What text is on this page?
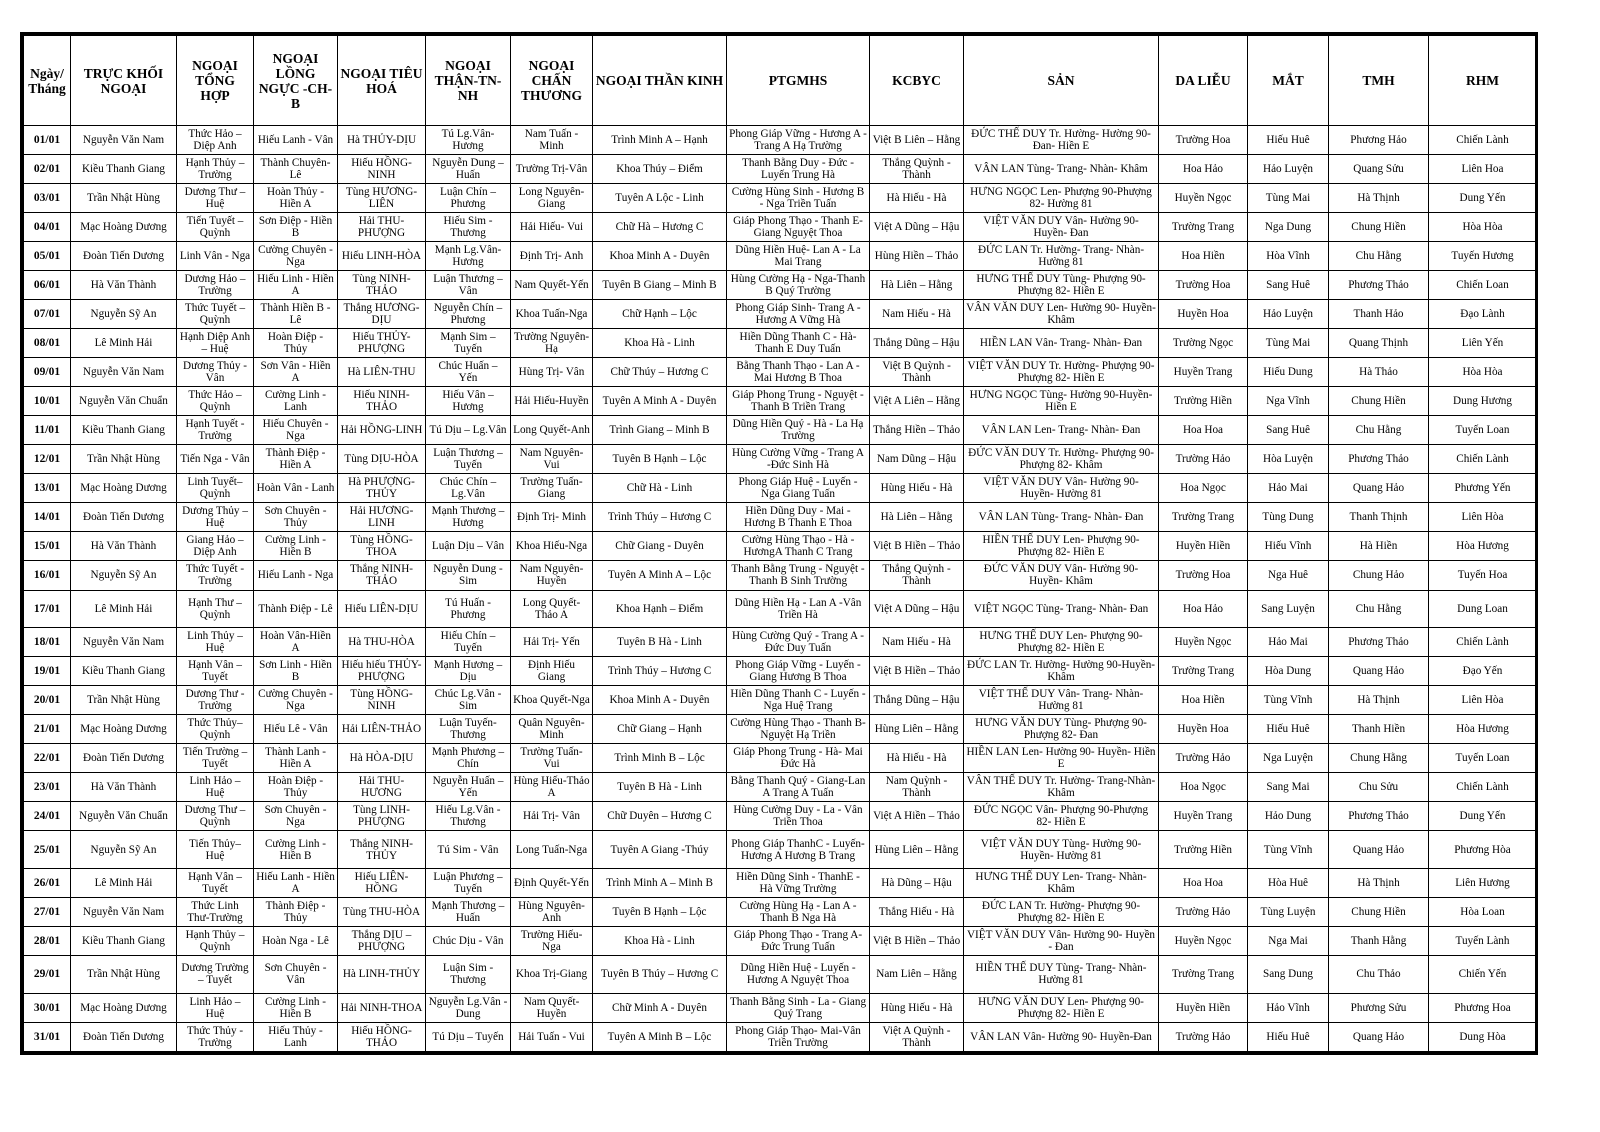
Ngày/ Tháng	TRỰC KHỐI NGOẠI	NGOẠI TỔNG HỢP	NGOẠI LỒNG NGỰC -CH-B	NGOẠI TIÊU HOÁ	NGOẠI THẬN-TN-NH	NGOẠI CHẤN THƯƠNG	NGOẠI THẦN KINH	PTGMHS	KCBYC	SẢN	DA LIỄU	MẮT	TMH	RHM
01/01	Nguyễn Văn Nam	Thức Hảo – Diệp Anh	Hiếu Lanh - Vân	Hà THỦY-DỊU	Tú Lg.Vân-Hương	Nam Tuấn - Minh	Trình Minh A – Hạnh	Phong Giáp Vững - Hương A - Trang A Hạ Trường	Việt B Liên – Hằng	ĐỨC THẾ DUY Tr. Hường- Hường 90- Đan- Hiền E	Trường Hoa	Hiếu Huê	Phương Hảo	Chiến Lành
02/01	Kiều Thanh Giang	Hạnh Thủy – Trường	Thành Chuyên-Lê	Hiếu HỒNG-NINH	Nguyễn Dung – Huấn	Trường Trị-Vân	Khoa Thúy – Điểm	Thanh Bằng Duy - Đức - Luyến Trung Hà	Thắng Quỳnh - Thành	VÂN LAN Tùng- Trang- Nhàn- Khâm	Hoa Hảo	Hảo Luyện	Quang Sửu	Liên Hoa
03/01	Trần Nhật Hùng	Dương Thư – Huệ	Hoàn Thủy - Hiền A	Tùng HƯƠNG-LIÊN	Luận Chín – Phương	Long Nguyên-Giang	Tuyên A Lộc - Linh	Cường Hùng Sinh - Hương B - Nga Triền Tuấn	Hà Hiếu - Hà	HƯNG NGỌC Len- Phượng 90-Phượng 82- Hường 81	Huyền Ngọc	Tùng Mai	Hà Thịnh	Dung Yến
04/01	Mạc Hoàng Dương	Tiến Tuyết – Quỳnh	Sơn Điệp - Hiền B	Hải THU-PHƯỢNG	Hiếu Sim - Thương	Hải Hiếu- Vui	Chữ Hà – Hương C	Giáp Phong Thạo - Thanh E- Giang Nguyệt Thoa	Việt A Dũng – Hậu	VIỆT VĂN DUY Vân- Hường 90- Huyền- Đan	Trường Trang	Nga Dung	Chung Hiền	Hòa Hòa
05/01	Đoàn Tiến Dương	Linh Vân - Nga	Cường Chuyên - Nga	Hiếu LINH-HÒA	Mạnh Lg.Vân-Hương	Định Trị- Anh	Khoa Minh A - Duyên	Dũng Hiền Huệ- Lan A - La Mai Trang	Hùng Hiền – Thảo	ĐỨC LAN Tr. Hường- Trang- Nhàn-Hường 81	Hoa Hiền	Hòa Vĩnh	Chu Hằng	Tuyến Hương
06/01	Hà Văn Thành	Dương Hảo – Trường	Hiếu Linh - Hiền A	Tùng NINH-THẢO	Luận Thương – Vân	Nam Quyết-Yến	Tuyên B Giang – Minh B	Hùng Cường Hạ - Nga-Thanh B Quý Trường	Hà Liên – Hằng	HƯNG THẾ DUY Tùng- Phượng 90-Phượng 82- Hiền E	Trường Hoa	Sang Huê	Phương Thảo	Chiến Loan
07/01	Nguyễn Sỹ An	Thức Tuyết – Quỳnh	Thành Hiền B - Lê	Thắng HƯƠNG- DỊU	Nguyễn Chín – Phương	Khoa Tuấn-Nga	Chữ Hạnh – Lộc	Phong Giáp Sinh- Trang A - Hương A Vững Hà	Nam Hiếu - Hà	VÂN VĂN DUY Len- Hường 90- Huyền- Khâm	Huyền Hoa	Hảo Luyện	Thanh Hảo	Đạo Lành
08/01	Lê Minh Hải	Hạnh Diệp Anh – Huệ	Hoàn Điệp - Thủy	Hiếu THỦY-PHƯỢNG	Mạnh Sim – Tuyến	Trường Nguyên- Hạ	Khoa Hà - Linh	Hiền Dũng Thanh C - Hà-Thanh E Duy Tuấn	Thắng Dũng – Hậu	HIỀN LAN Vân- Trang- Nhàn- Đan	Trường Ngọc	Tùng Mai	Quang Thịnh	Liên Yến
09/01	Nguyễn Văn Nam	Dương Thủy - Vân	Sơn Vân - Hiền A	Hà LIÊN-THU	Chúc Huấn – Yến	Hùng Trị- Vân	Chữ Thúy – Hương C	Bằng Thanh Thạo - Lan A - Mai Hương B Thoa	Việt B Quỳnh - Thành	VIỆT VĂN DUY Tr. Hường- Phượng 90- Phượng 82- Hiền E	Huyền Trang	Hiếu Dung	Hà Thảo	Hòa Hòa
10/01	Nguyễn Văn Chuẩn	Thức Hảo – Quỳnh	Cường Linh - Lanh	Hiếu NINH-THẢO	Hiếu Vân – Hương	Hải Hiếu-Huyền	Tuyên A Minh A - Duyên	Giáp Phong Trung - Nguyệt - Thanh B Triền Trang	Việt A Liên – Hằng	HƯNG NGỌC Tùng- Hường 90-Huyền- Hiền E	Trường Hiền	Nga Vĩnh	Chung Hiền	Dung Hương
11/01	Kiều Thanh Giang	Hạnh Tuyết - Trường	Hiếu Chuyên - Nga	Hải HỒNG-LINH	Tú Dịu – Lg.Vân	Long Quyết-Anh	Trình Giang – Minh B	Dũng Hiền Quý - Hà - La Hạ Trường	Thắng Hiền – Thảo	VÂN LAN Len- Trang- Nhàn- Đan	Hoa Hoa	Sang Huê	Chu Hằng	Tuyến Loan
12/01	Trần Nhật Hùng	Tiến Nga - Vân	Thành Điệp - Hiền A	Tùng DỊU-HÒA	Luận Thương – Tuyến	Nam Nguyên-Vui	Tuyên B Hạnh – Lộc	Hùng Cường Vững - Trang A -Đức Sinh Hà	Nam Dũng – Hậu	ĐỨC VĂN DUY Tr. Hường- Phượng 90- Phượng 82- Khâm	Trường Hảo	Hòa Luyện	Phương Thảo	Chiến Lành
13/01	Mạc Hoàng Dương	Linh Tuyết– Quỳnh	Hoàn Vân - Lanh	Hà PHƯỢNG-THỦY	Chúc Chín – Lg.Vân	Trường Tuấn-Giang	Chữ Hà - Linh	Phong Giáp Huệ - Luyến - Nga Giang Tuấn	Hùng Hiếu - Hà	VIỆT VĂN DUY Vân- Hường 90- Huyền- Hường 81	Hoa Ngọc	Hảo Mai	Quang Hảo	Phương Yến
14/01	Đoàn Tiến Dương	Dương Thủy – Huệ	Sơn Chuyên - Thủy	Hải HƯƠNG-LINH	Mạnh Thương – Hương	Định Trị- Minh	Trình Thúy – Hương C	Hiền Dũng Duy - Mai - Hương B Thanh E Thoa	Hà Liên – Hằng	VÂN LAN Tùng- Trang- Nhàn- Đan	Trường Trang	Tùng Dung	Thanh Thịnh	Liên Hòa
15/01	Hà Văn Thành	Giang Hảo – Diệp Anh	Cường Linh - Hiền B	Tùng HỒNG-THOA	Luận Dịu – Vân	Khoa Hiếu-Nga	Chữ Giang - Duyên	Cường Hùng Thạo - Hà - HươngA Thanh C Trang	Việt B Hiền – Thảo	HIỀN THẾ DUY Len- Phượng 90-Phượng 82- Hiền E	Huyền Hiền	Hiếu Vĩnh	Hà Hiền	Hòa Hương
16/01	Nguyễn Sỹ An	Thức Tuyết - Trường	Hiếu Lanh - Nga	Thắng NINH-THẢO	Nguyễn Dung - Sim	Nam Nguyên-Huyền	Tuyên A Minh A – Lộc	Thanh Bằng Trung - Nguyệt - Thanh B Sinh Trường	Thắng Quỳnh - Thành	ĐỨC VĂN DUY Vân- Hường 90- Huyền- Khâm	Trường Hoa	Nga Huê	Chung Hảo	Tuyến Hoa
17/01	Lê Minh Hải	Hạnh Thư – Quỳnh	Thành Điệp - Lê	Hiếu LIÊN-DỊU	Tú Huấn - Phương	Long Quyết-Thảo A	Khoa Hạnh – Điểm	Dũng Hiền Hạ - Lan A -Vân Triền Hà	Việt A Dũng – Hậu	VIỆT NGỌC Tùng- Trang- Nhàn- Đan	Hoa Hảo	Sang Luyện	Chu Hằng	Dung Loan
18/01	Nguyễn Văn Nam	Linh Thủy – Huệ	Hoàn Vân-Hiền A	Hà THU-HÒA	Hiếu Chín – Tuyến	Hải Trị- Yến	Tuyên B Hà - Linh	Hùng Cường Quý - Trang A - Đức Duy Tuấn	Nam Hiếu - Hà	HƯNG THẾ DUY Len- Phượng 90-Phượng 82- Hiền E	Huyền Ngọc	Hảo Mai	Phương Thảo	Chiến Lành
19/01	Kiều Thanh Giang	Hạnh Vân – Tuyết	Sơn Linh - Hiền B	Hiếu hiếu THỦY-PHƯỢNG	Mạnh Hương – Dịu	Định Hiếu Giang	Trình Thúy – Hương C	Phong Giáp Vững - Luyến - Giang Hương B Thoa	Việt B Hiền – Thảo	ĐỨC LAN Tr. Hường- Hường 90-Huyền- Khâm	Trường Trang	Hòa Dung	Quang Hảo	Đạo Yến
20/01	Trần Nhật Hùng	Dương Thư - Trường	Cường Chuyên - Nga	Tùng HỒNG-NINH	Chúc Lg.Vân - Sim	Khoa Quyết-Nga	Khoa Minh A - Duyên	Hiền Dũng Thanh C - Luyến - Nga Huệ Trang	Thắng Dũng – Hậu	VIỆT THẾ DUY Vân- Trang- Nhàn-Hường 81	Hoa Hiền	Tùng Vĩnh	Hà Thịnh	Liên Hòa
21/01	Mạc Hoàng Dương	Thức Thủy– Quỳnh	Hiếu Lê - Vân	Hải LIÊN-THẢO	Luận Tuyến- Thương	Quân Nguyên-Minh	Chữ Giang – Hạnh	Cường Hùng Thạo - Thanh B- Nguyệt Hạ Triền	Hùng Liên – Hằng	HƯNG VĂN DUY Tùng- Phượng 90-Phượng 82- Đan	Huyền Hoa	Hiếu Huê	Thanh Hiền	Hòa Hương
22/01	Đoàn Tiến Dương	Tiến Trường – Tuyết	Thành Lanh - Hiền A	Hà HÒA-DỊU	Mạnh Phương – Chín	Trường Tuấn-Vui	Trình Minh B – Lộc	Giáp Phong Trung - Hà- Mai Đức Hà	Hà Hiếu - Hà	HIỀN LAN Len- Hường 90- Huyền- Hiền E	Trường Hảo	Nga Luyện	Chung Hằng	Tuyến Loan
23/01	Hà Văn Thành	Linh Hảo – Huệ	Hoàn Điệp - Thủy	Hải THU-HƯƠNG	Nguyễn Huấn – Yến	Hùng Hiếu-Thảo A	Tuyên B Hà - Linh	Bằng Thanh Quý - Giang-Lan A Trang A Tuấn	Nam Quỳnh - Thành	VÂN THẾ DUY Tr. Hường- Trang-Nhàn- Khâm	Hoa Ngọc	Sang Mai	Chu Sửu	Chiến Lành
24/01	Nguyễn Văn Chuẩn	Dương Thư – Quỳnh	Sơn Chuyên - Nga	Tùng LINH-PHƯỢNG	Hiếu Lg.Vân - Thương	Hải Trị- Vân	Chữ Duyên – Hương C	Hùng Cường Duy - La - Vân Triền Thoa	Việt A Hiền – Thảo	ĐỨC NGỌC Vân- Phượng 90-Phượng 82- Hiền E	Huyền Trang	Hảo Dung	Phương Thảo	Dung Yến
25/01	Nguyễn Sỹ An	Tiến Thủy– Huệ	Cường Linh - Hiền B	Thắng NINH-THỦY	Tú Sim - Vân	Long Tuấn-Nga	Tuyên A Giang -Thúy	Phong Giáp ThanhC - Luyến- Hương A Hương B Trang	Hùng Liên – Hằng	VIỆT VĂN DUY Tùng- Hường 90-Huyền- Hường 81	Trường Hiền	Tùng Vĩnh	Quang Hảo	Phương Hòa
26/01	Lê Minh Hải	Hạnh Vân – Tuyết	Hiếu Lanh - Hiền A	Hiếu LIÊN-HỒNG	Luận Phương – Tuyến	Định Quyết-Yến	Trình Minh A – Minh B	Hiền Dũng Sinh - ThanhE - Hà Vững Trường	Hà Dũng – Hậu	HƯNG THẾ DUY Len- Trang- Nhàn-Khâm	Hoa Hoa	Hòa Huê	Hà Thịnh	Liên Hương
27/01	Nguyễn Văn Nam	Thức Linh Thư-Trường	Thành Điệp - Thủy	Tùng THU-HÒA	Mạnh Thương – Huấn	Hùng Nguyên-Anh	Tuyên B Hạnh – Lộc	Cường Hùng Hạ - Lan A - Thanh B Nga Hà	Thắng Hiếu - Hà	ĐỨC LAN Tr. Hường- Phượng 90-Phượng 82- Hiền E	Trường Hảo	Tùng Luyện	Chung Hiền	Hòa Loan
28/01	Kiều Thanh Giang	Hạnh Thủy – Quỳnh	Hoàn Nga - Lê	Thắng DỊU – PHƯỢNG	Chúc Dịu - Vân	Trường Hiếu-Nga	Khoa Hà - Linh	Giáp Phong Thạo - Trang A- Đức Trung Tuấn	Việt B Hiền – Thảo	VIỆT VĂN DUY Vân- Hường 90- Huyền - Đan	Huyền Ngọc	Nga Mai	Thanh Hằng	Tuyến Lành
29/01	Trần Nhật Hùng	Dương Trường – Tuyết	Sơn Chuyên - Vân	Hà LINH-THỦY	Luận Sim - Thương	Khoa Trị-Giang	Tuyên B Thúy – Hương C	Dũng Hiền Huệ - Luyến - Hương A Nguyệt Thoa	Nam Liên – Hằng	HIỀN THẾ DUY Tùng- Trang- Nhàn-Hường 81	Trường Trang	Sang Dung	Chu Thảo	Chiến Yến
30/01	Mạc Hoàng Dương	Linh Hảo – Huệ	Cường Linh - Hiền B	Hải NINH-THOA	Nguyễn Lg.Vân - Dung	Nam Quyết-Huyền	Chữ Minh A - Duyên	Thanh Bằng Sinh - La - Giang Quý Trang	Hùng Hiếu - Hà	HƯNG VĂN DUY Len- Phượng 90-Phượng 82- Hiền E	Huyền Hiền	Hảo Vĩnh	Phương Sửu	Phương Hoa
31/01	Đoàn Tiến Dương	Thức Thủy - Trường	Hiếu Thủy - Lanh	Hiếu HỒNG-THẢO	Tú Dịu – Tuyến	Hải Tuấn - Vui	Tuyên A Minh B – Lộc	Phong Giáp Thạo- Mai-Vân Triền Trường	Việt A Quỳnh - Thành	VÂN LAN Vân- Hường 90- Huyền-Đan	Trường Hảo	Hiếu Huê	Quang Hảo	Dung Hòa
